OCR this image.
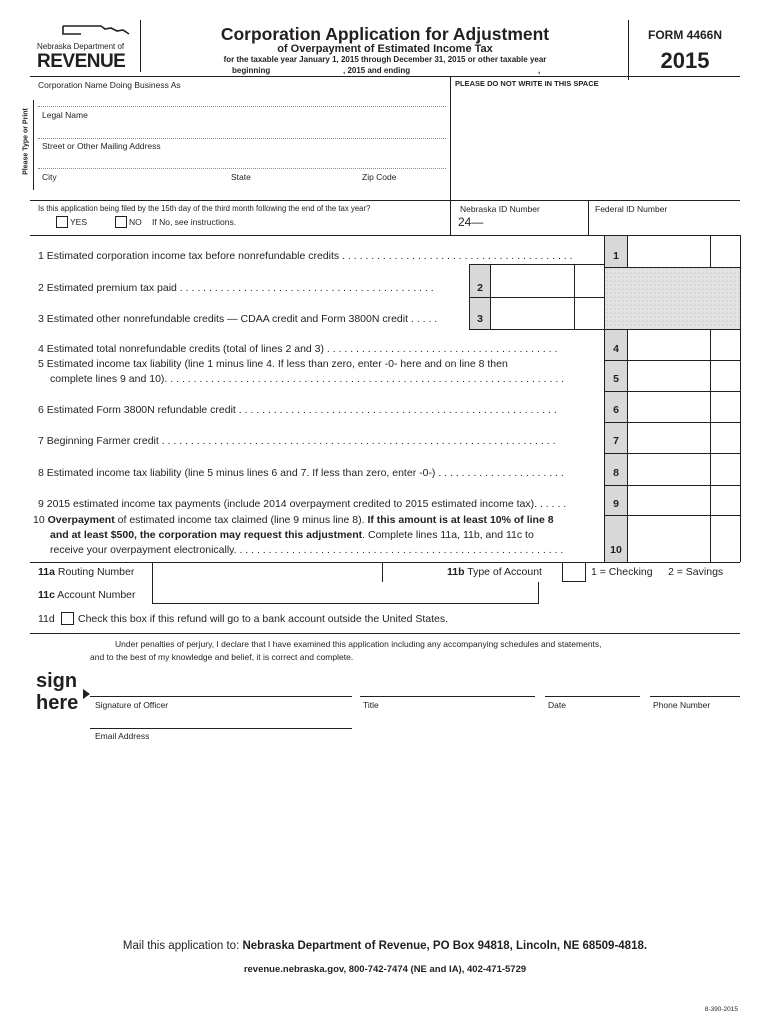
Nebraska Department of
REVENUE
Corporation Application for Adjustment
of Overpayment of Estimated Income Tax
for the taxable year January 1, 2015 through December 31, 2015 or other taxable year
beginning	, 2015 and ending	,
FORM 4466N
2015
Please Type or Print
Corporation Name Doing Business As
Legal Name
Street or Other Mailing Address
City	State	Zip Code
PLEASE DO NOT WRITE IN THIS SPACE
Is this application being filed by the 15th day of the third month following the end of the tax year?
YES	NO If No, see instructions.
Nebraska ID Number
24—
Federal ID Number
1 Estimated corporation income tax before nonrefundable credits . . . . . . . . . . . . . . . . . . . . . . . . . . . . . . . . . . . . . . . .	1
2 Estimated premium tax paid . . . . . . . . . . . . . . . . . . . . . . . . . . . . . . . . . . . . . . . . . . . .	2
3 Estimated other nonrefundable credits — CDAA credit and Form 3800N credit . . . . .	3
4 Estimated total nonrefundable credits (total of lines 2 and 3) . . . . . . . . . . . . . . . . . . . . . . . . . . . . . . . . . . . . . . . .	4
5 Estimated income tax liability (line 1 minus line 4. If less than zero, enter -0- here and on line 8 then
complete lines 9 and 10). . . . . . . . . . . . . . . . . . . . . . . . . . . . . . . . . . . . . . . . . . . . . . . . . . . . . . . . . . . . . . . . . . . . .	5
6 Estimated Form 3800N refundable credit . . . . . . . . . . . . . . . . . . . . . . . . . . . . . . . . . . . . . . . . . . . . . . . . . . . . . . .	6
7 Beginning Farmer credit . . . . . . . . . . . . . . . . . . . . . . . . . . . . . . . . . . . . . . . . . . . . . . . . . . . . . . . . . . . . . . . . . . . .	7
8 Estimated income tax liability (line 5 minus lines 6 and 7. If less than zero, enter -0-) . . . . . . . . . . . . . . . . . . . . . .	8
9 2015 estimated income tax payments (include 2014 overpayment credited to 2015 estimated income tax). . . . . .	9
10 Overpayment of estimated income tax claimed (line 9 minus line 8). If this amount is at least 10% of line 8
and at least $500, the corporation may request this adjustment. Complete lines 11a, 11b, and 11c to
receive your overpayment electronically. . . . . . . . . . . . . . . . . . . . . . . . . . . . . . . . . . . . . . . . . . . . . . . . . . . . . . . . .	10
11a Routing Number	11b Type of Account	1 = Checking 2 = Savings
11c Account Number
11d Check this box if this refund will go to a bank account outside the United States.
Under penalties of perjury, I declare that I have examined this application including any accompanying schedules and statements,
and to the best of my knowledge and belief, it is correct and complete.
sign
here Signature of Officer	Title	Date	Phone Number
Email Address
Mail this application to: Nebraska Department of Revenue, PO Box 94818, Lincoln, NE 68509-4818.
revenue.nebraska.gov, 800-742-7474 (NE and IA), 402-471-5729
8-390-2015
